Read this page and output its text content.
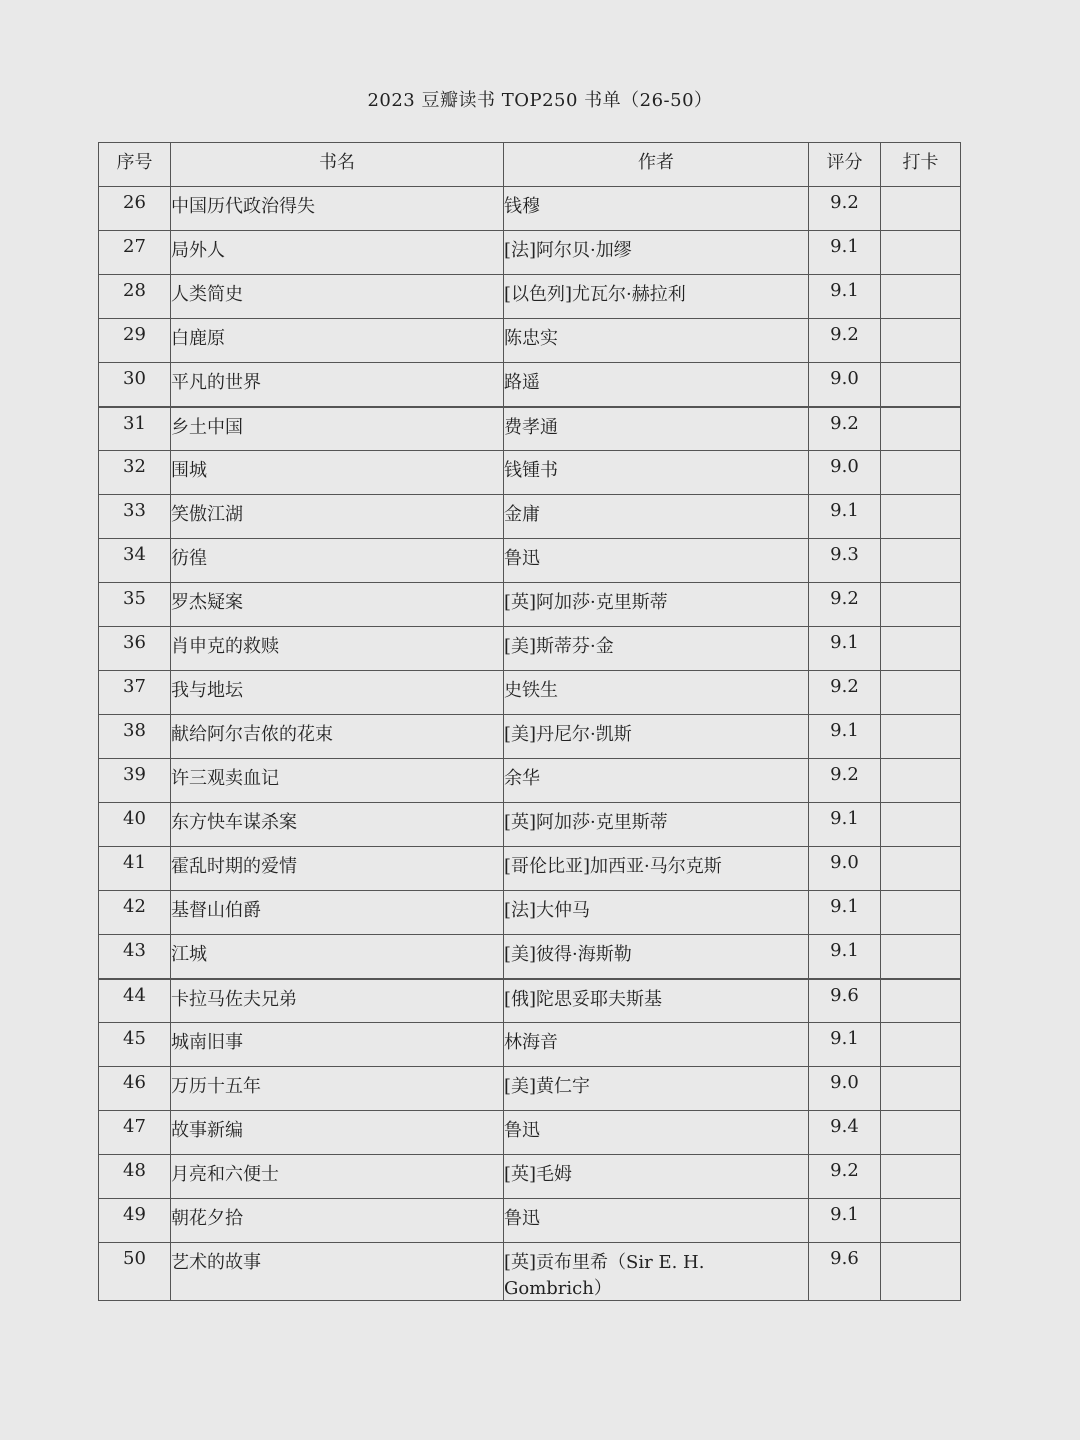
2023 豆瓣读书 TOP250 书单（26-50）
序号	书名	作者	评分	打卡
26	中国历代政治得失	钱穆	9.2	
27	局外人	[法]阿尔贝·加缪	9.1	
28	人类简史	[以色列]尤瓦尔·赫拉利	9.1	
29	白鹿原	陈忠实	9.2	
30	平凡的世界	路遥	9.0	
31	乡土中国	费孝通	9.2	
32	围城	钱锺书	9.0	
33	笑傲江湖	金庸	9.1	
34	彷徨	鲁迅	9.3	
35	罗杰疑案	[英]阿加莎·克里斯蒂	9.2	
36	肖申克的救赎	[美]斯蒂芬·金	9.1	
37	我与地坛	史铁生	9.2	
38	献给阿尔吉侬的花束	[美]丹尼尔·凯斯	9.1	
39	许三观卖血记	余华	9.2	
40	东方快车谋杀案	[英]阿加莎·克里斯蒂	9.1	
41	霍乱时期的爱情	[哥伦比亚]加西亚·马尔克斯	9.0	
42	基督山伯爵	[法]大仲马	9.1	
43	江城	[美]彼得·海斯勒	9.1	
44	卡拉马佐夫兄弟	[俄]陀思妥耶夫斯基	9.6	
45	城南旧事	林海音	9.1	
46	万历十五年	[美]黄仁宇	9.0	
47	故事新编	鲁迅	9.4	
48	月亮和六便士	[英]毛姆	9.2	
49	朝花夕拾	鲁迅	9.1	
50	艺术的故事	[英]贡布里希（Sir E. H. Gombrich）	9.6	
